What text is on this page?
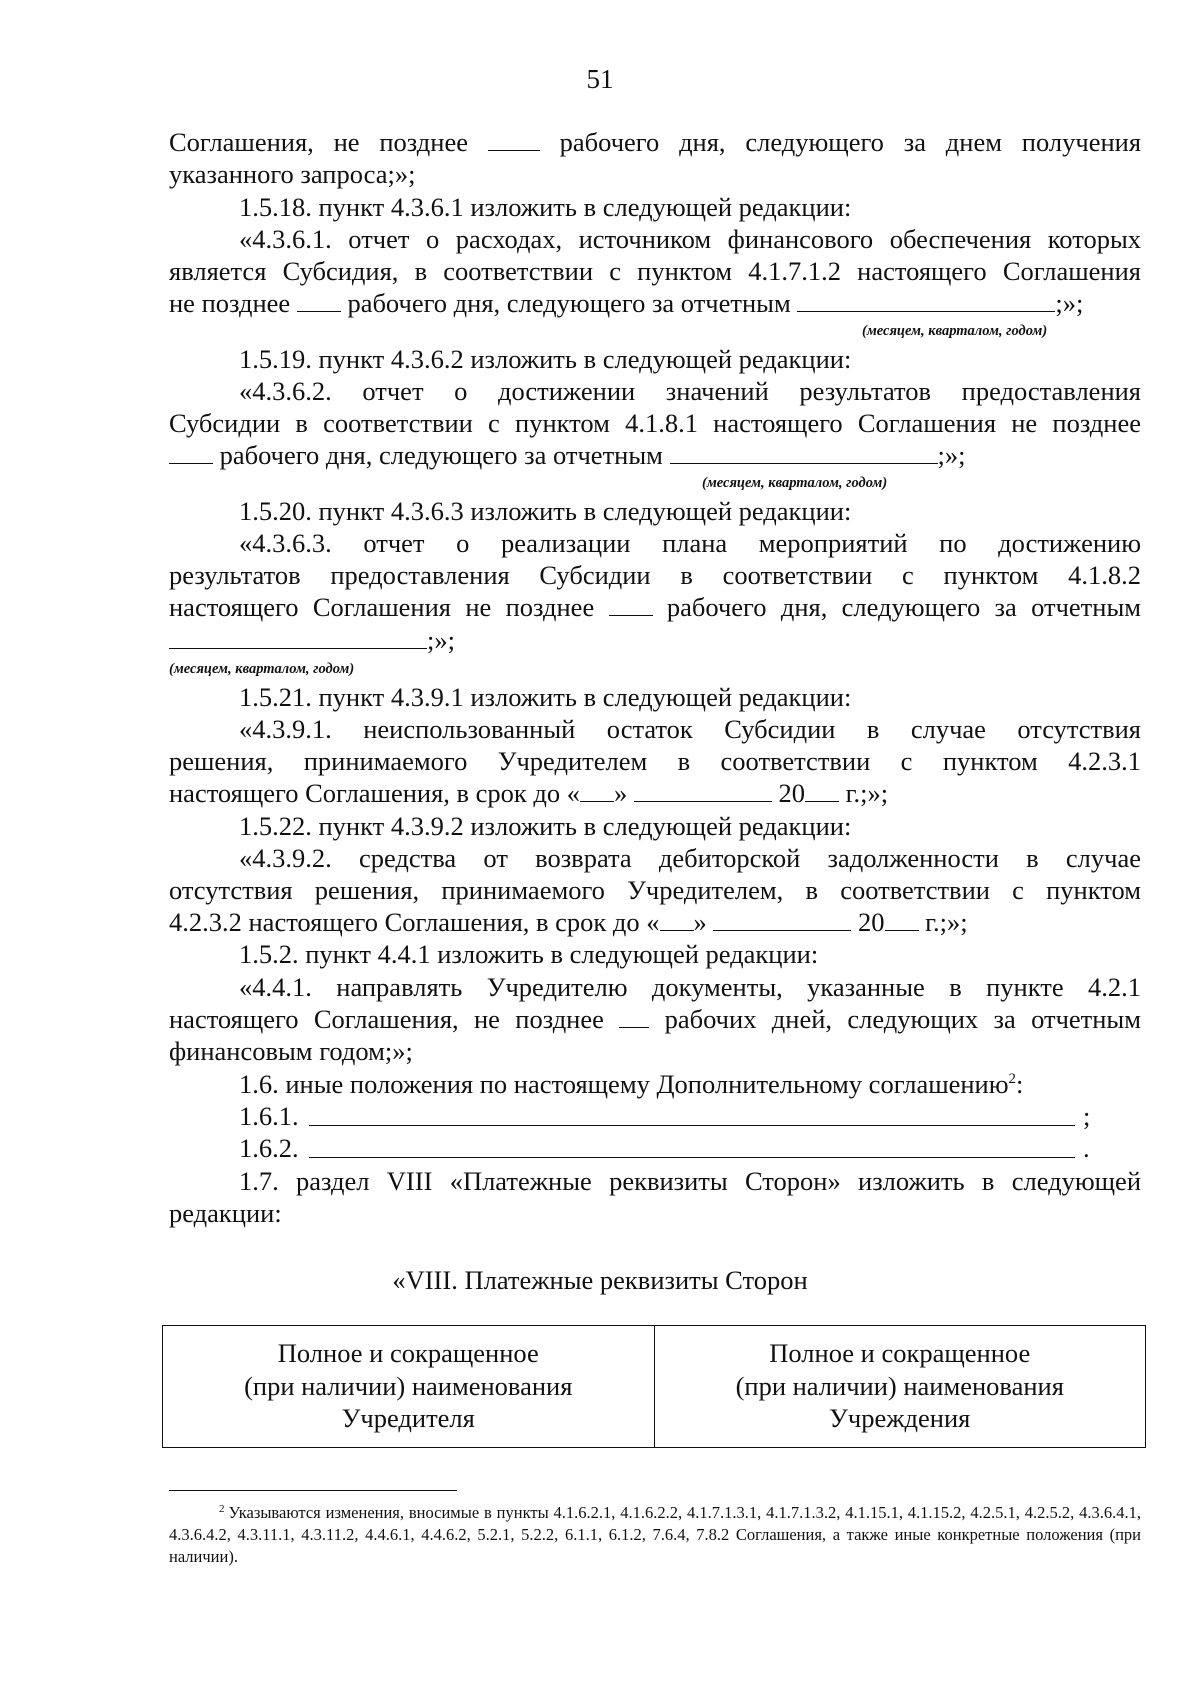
51
Соглашения, не позднее	рабочего дня, следующего за днем получения
указанного запроса;»;
1.5.18. пункт 4.3.6.1 изложить в следующей редакции:
«4.3.6.1. отчет о расходах, источником финансового обеспечения которых
является Субсидия, в соответствии с пунктом 4.1.7.1.2 настоящего Соглашения
не позднее рабочего дня, следующего за отчетным	;»;
(месяцем, кварталом, годом)
1.5.19. пункт 4.3.6.2 изложить в следующей редакции:
«4.3.6.2. отчет о достижении значений результатов предоставления
Субсидии в соответствии с пунктом 4.1.8.1 настоящего Соглашения не позднее
рабочего дня, следующего за отчетным	;»;
(месяцем, кварталом, годом)
1.5.20. пункт 4.3.6.3 изложить в следующей редакции:
«4.3.6.3. отчет о реализации плана мероприятий по достижению
результатов предоставления Субсидии в соответствии с пунктом 4.1.8.2
настоящего Соглашения не позднее	рабочего дня, следующего за отчетным
;»;
(месяцем, кварталом, годом)
1.5.21. пункт 4.3.9.1 изложить в следующей редакции:
«4.3.9.1. неиспользованный остаток Субсидии в случае отсутствия
решения, принимаемого Учредителем в соответствии с пунктом 4.2.3.1
настоящего Соглашения, в срок до « »	20 г.;»;
1.5.22. пункт 4.3.9.2 изложить в следующей редакции:
«4.3.9.2. средства от возврата дебиторской задолженности в случае
отсутствия решения, принимаемого Учредителем, в соответствии с пунктом
4.2.3.2 настоящего Соглашения, в срок до « »	20 г.;»;
1.5.2. пункт 4.4.1 изложить в следующей редакции:
«4.4.1. направлять Учредителю документы, указанные в пункте 4.2.1
настоящего Соглашения, не позднее рабочих дней, следующих за отчетным
финансовым годом;»;
1.6. иные положения по настоящему Дополнительному соглашению$^2$:
1.6.1.	;
1.6.2.	.
1.7. раздел VIII «Платежные реквизиты Сторон» изложить в следующей
редакции:
«VIII. Платежные реквизиты Сторон
Полное и сокращенное
(при наличии) наименования
Учредителя

Полное и сокращенное
(при наличии) наименования
Учреждения
$^2$ Указываются изменения, вносимые в пункты 4.1.6.2.1, 4.1.6.2.2, 4.1.7.1.3.1, 4.1.7.1.3.2, 4.1.15.1, 4.1.15.2, 4.2.5.1, 4.2.5.2, 4.3.6.4.1, 4.3.6.4.2, 4.3.11.1, 4.3.11.2, 4.4.6.1, 4.4.6.2, 5.2.1, 5.2.2, 6.1.1, 6.1.2, 7.6.4, 7.8.2 Соглашения, а также иные конкретные положения (при наличии).
